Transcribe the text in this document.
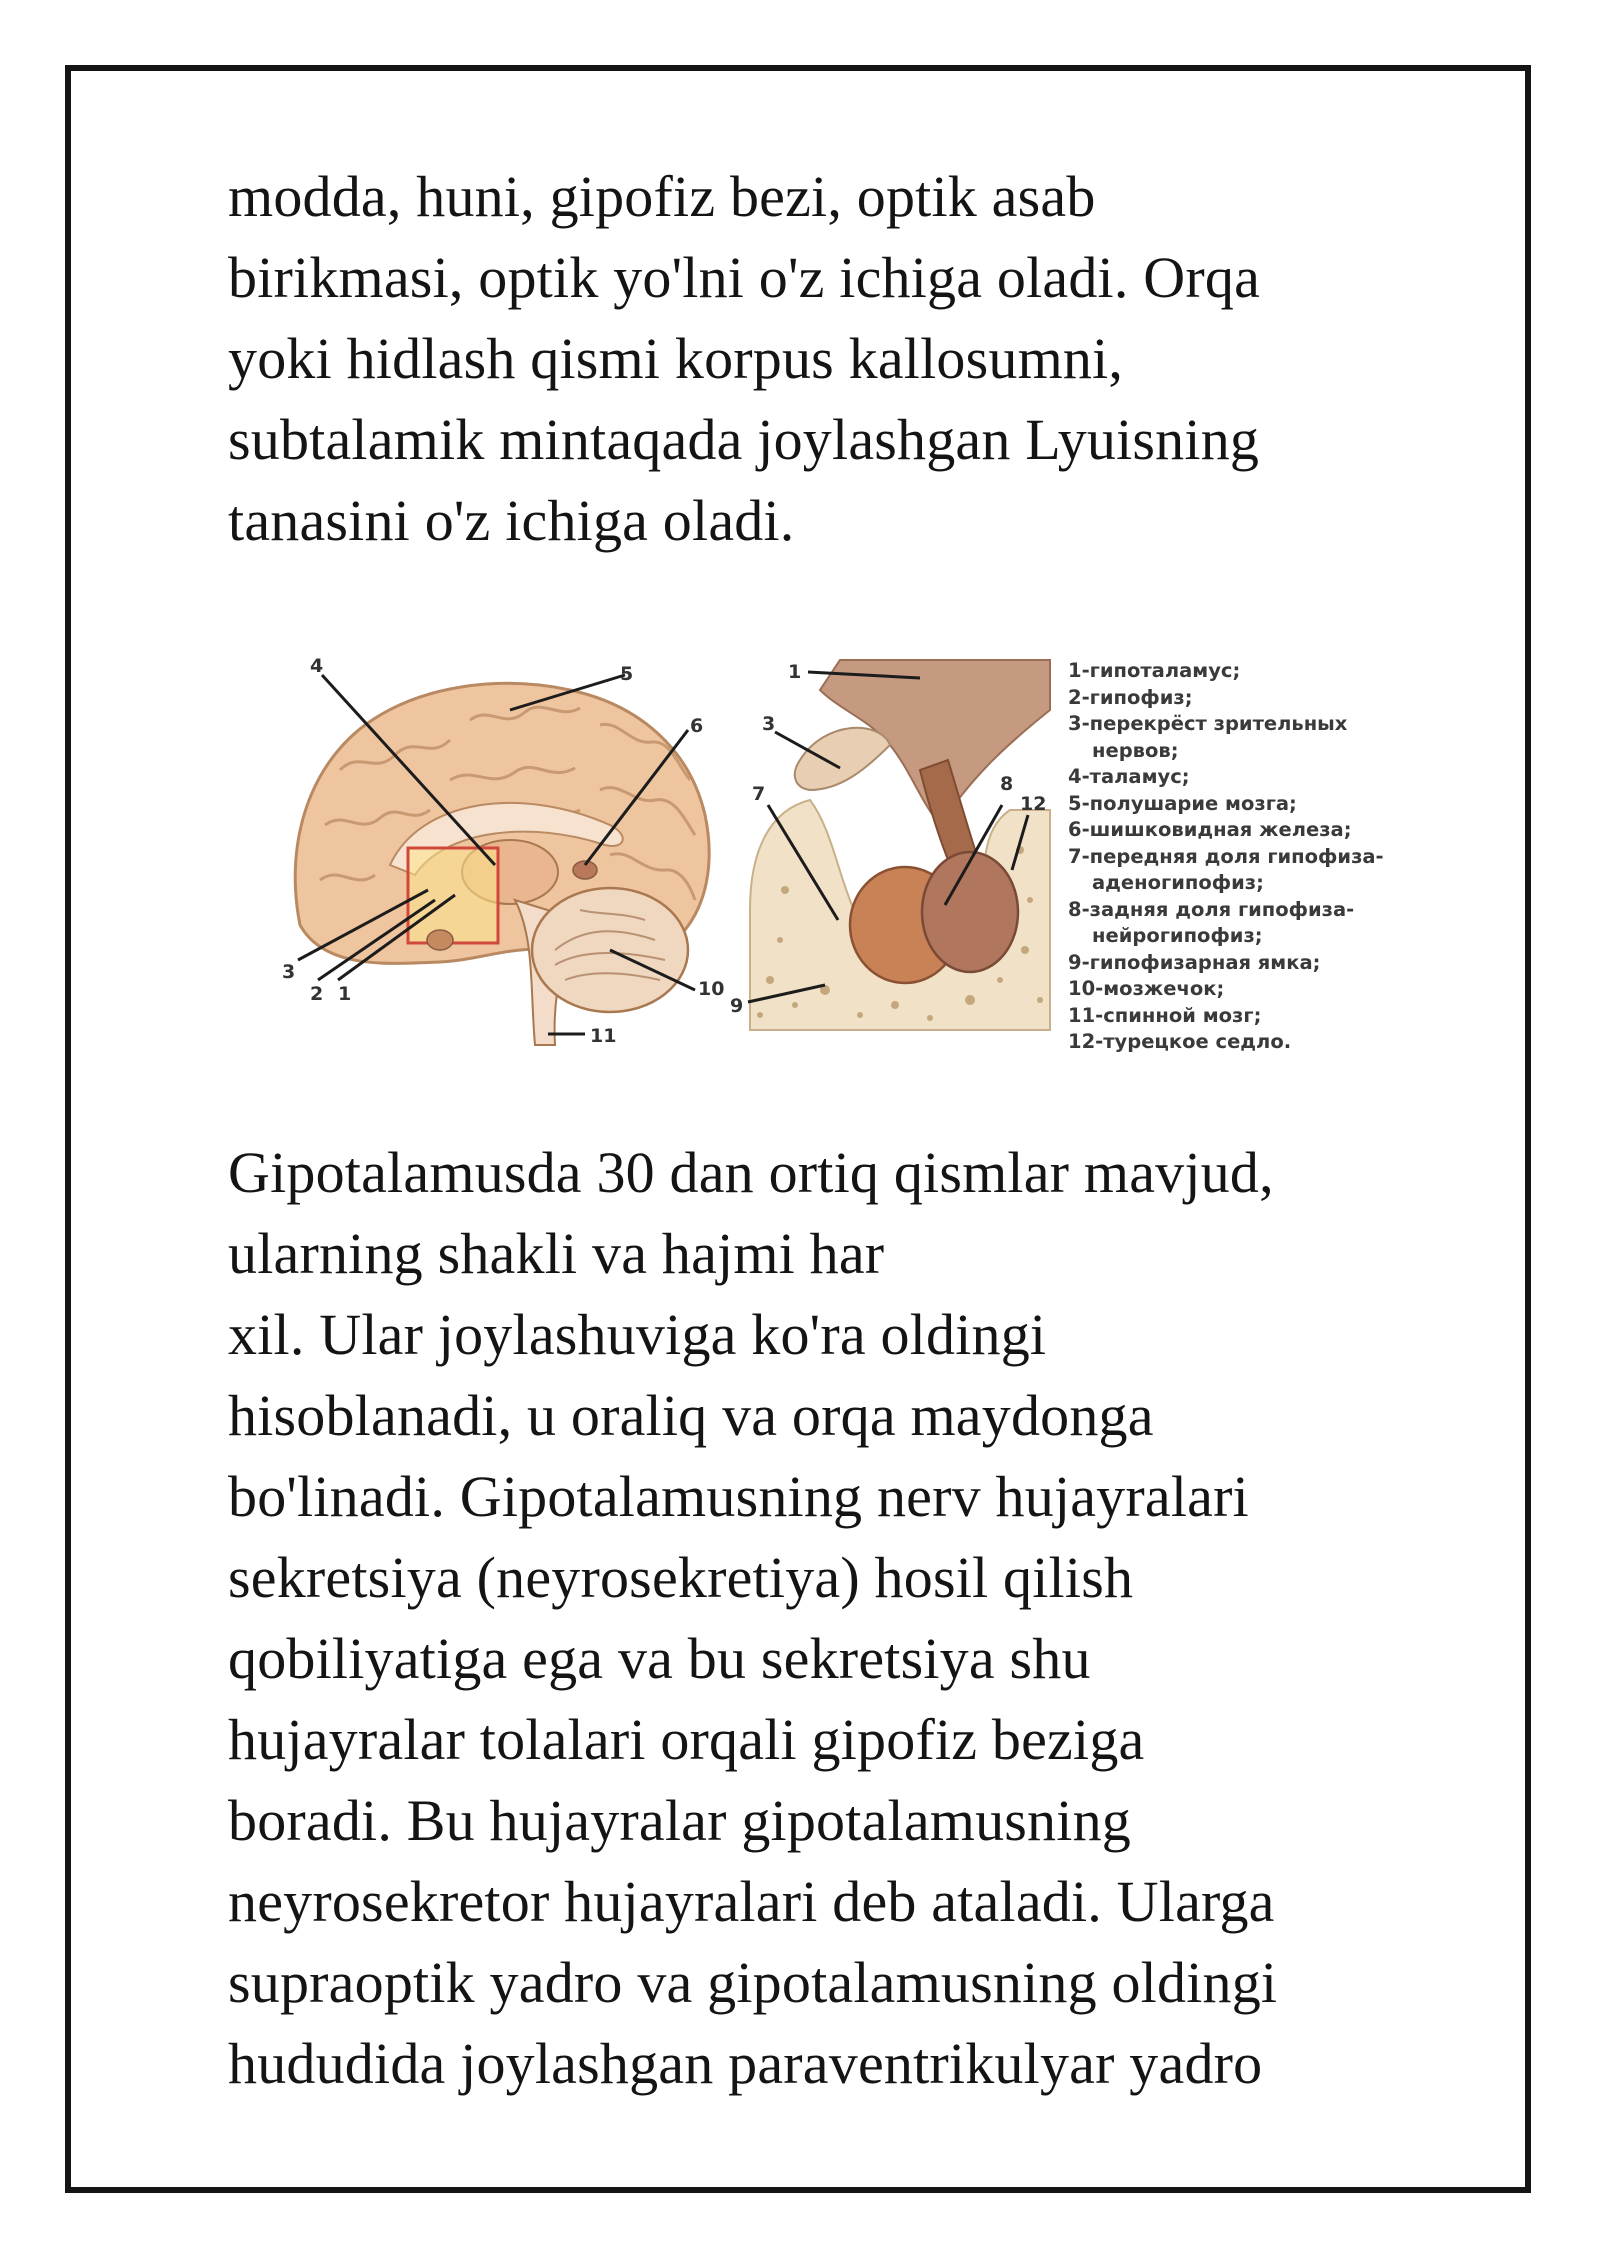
modda, huni, gipofiz bezi, optik asab
birikmasi, optik yo'lni o'z ichiga oladi. Orqa
yoki hidlash qismi korpus kallosumni,
subtalamik mintaqada joylashgan Lyuisning
tanasini o'z ichiga oladi.

4	5
6
3
2 1	10
11
1
3
7	8
12
9
1-гипоталамус;
2-гипофиз;
3-перекрёст зрительных
нервов;
4-таламус;
5-полушарие мозга;
6-шишковидная железа;
7-передняя доля гипофиза-
аденогипофиз;
8-задняя доля гипофиза-
нейрогипофиз;
9-гипофизарная ямка;
10-мозжечок;
11-спинной мозг;
12-турецкое седло.

Gipotalamusda 30 dan ortiq qismlar mavjud,
ularning shakli va hajmi har
xil. Ular joylashuviga ko'ra oldingi
hisoblanadi, u oraliq va orqa maydonga
bo'linadi. Gipotalamusning nerv hujayralari
sekretsiya (neyrosekretiya) hosil qilish
qobiliyatiga ega va bu sekretsiya shu
hujayralar tolalari orqali gipofiz beziga
boradi. Bu hujayralar gipotalamusning
neyrosekretor hujayralari deb ataladi. Ularga
supraoptik yadro va gipotalamusning oldingi
hududida joylashgan paraventrikulyar yadro
